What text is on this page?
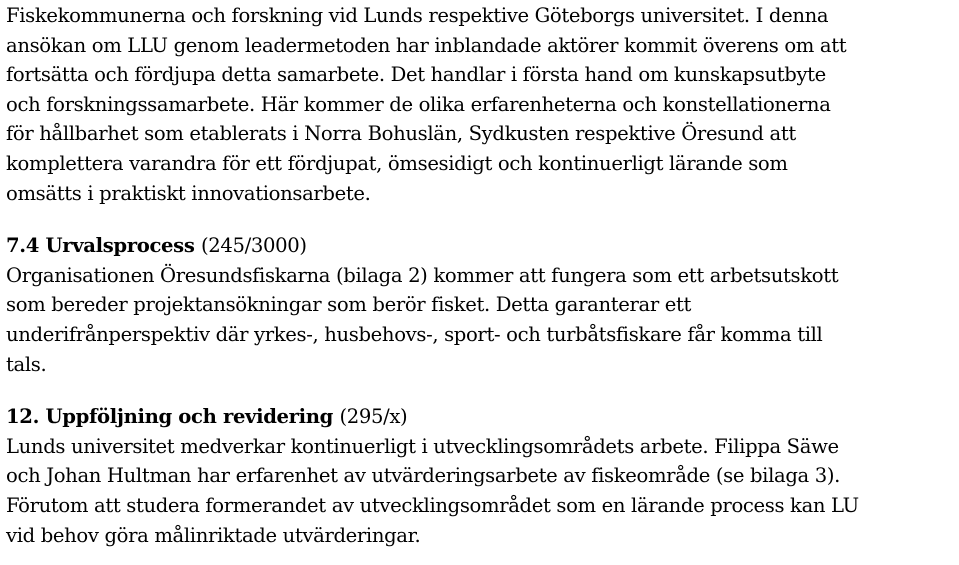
Fiskekommunerna och forskning vid Lunds respektive Göteborgs universitet. I denna
ansökan om LLU genom leadermetoden har inblandade aktörer kommit överens om att
fortsätta och fördjupa detta samarbete. Det handlar i första hand om kunskapsutbyte
och forskningssamarbete. Här kommer de olika erfarenheterna och konstellationerna
för hållbarhet som etablerats i Norra Bohuslän, Sydkusten respektive Öresund att
komplettera varandra för ett fördjupat, ömsesidigt och kontinuerligt lärande som
omsätts i praktiskt innovationsarbete.

7.4 Urvalsprocess (245/3000)

Organisationen Öresundsfiskarna (bilaga 2) kommer att fungera som ett arbetsutskott
som bereder projektansökningar som berör fisket. Detta garanterar ett
underifrånperspektiv där yrkes-, husbehovs-, sport- och turbåtsfiskare får komma till
tals.

12. Uppföljning och revidering (295/x)

Lunds universitet medverkar kontinuerligt i utvecklingsområdets arbete. Filippa Säwe
och Johan Hultman har erfarenhet av utvärderingsarbete av fiskeområde (se bilaga 3).
Förutom att studera formerandet av utvecklingsområdet som en lärande process kan LU
vid behov göra målinriktade utvärderingar.
